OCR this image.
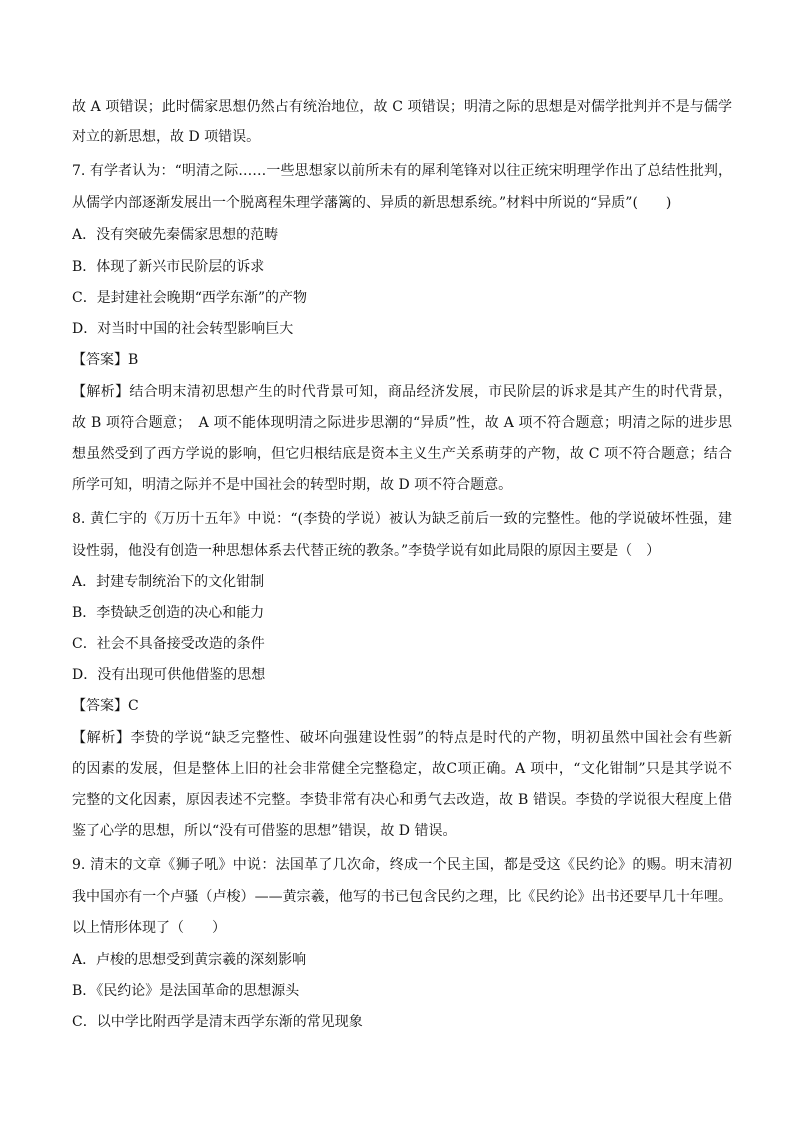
故 A 项错误；此时儒家思想仍然占有统治地位，故 C 项错误；明清之际的思想是对儒学批判并不是与儒学
对立的新思想，故 D 项错误。
7. 有学者认为：“明清之际……一些思想家以前所未有的犀利笔锋对以往正统宋明理学作出了总结性批判，
从儒学内部逐渐发展出一个脱离程朱理学藩篱的、异质的新思想系统。”材料中所说的“异质”(　　)
A．没有突破先秦儒家思想的范畴
B．体现了新兴市民阶层的诉求
C．是封建社会晚期“西学东渐”的产物
D．对当时中国的社会转型影响巨大
【答案】B
【解析】结合明末清初思想产生的时代背景可知，商品经济发展，市民阶层的诉求是其产生的时代背景，
故 B 项符合题意；　A 项不能体现明清之际进步思潮的“异质”性，故 A 项不符合题意；明清之际的进步思
想虽然受到了西方学说的影响，但它归根结底是资本主义生产关系萌芽的产物，故 C 项不符合题意；结合
所学可知，明清之际并不是中国社会的转型时期，故 D 项不符合题意。
8. 黄仁宇的《万历十五年》中说：“(李贽的学说）被认为缺乏前后一致的完整性。他的学说破坏性强，建
设性弱，他没有创造一种思想体系去代替正统的教条。”李贽学说有如此局限的原因主要是（　）
A．封建专制统治下的文化钳制
B．李贽缺乏创造的决心和能力
C．社会不具备接受改造的条件
D．没有出现可供他借鉴的思想
【答案】C
【解析】李贽的学说“缺乏完整性、破坏向强建设性弱”的特点是时代的产物，明初虽然中国社会有些新
的因素的发展，但是整体上旧的社会非常健全完整稳定，故C项正确。A 项中，“文化钳制”只是其学说不
完整的文化因素，原因表述不完整。李贽非常有决心和勇气去改造，故 B 错误。李贽的学说很大程度上借
鉴了心学的思想，所以“没有可借鉴的思想”错误，故 D 错误。
9. 清末的文章《狮子吼》中说：法国革了几次命，终成一个民主国，都是受这《民约论》的赐。明末清初
我中国亦有一个卢骚（卢梭）——黄宗羲，他写的书已包含民约之理，比《民约论》出书还要早几十年哩。
以上情形体现了（　　）
A．卢梭的思想受到黄宗羲的深刻影响
B．《民约论》是法国革命的思想源头
C．以中学比附西学是清末西学东渐的常见现象
